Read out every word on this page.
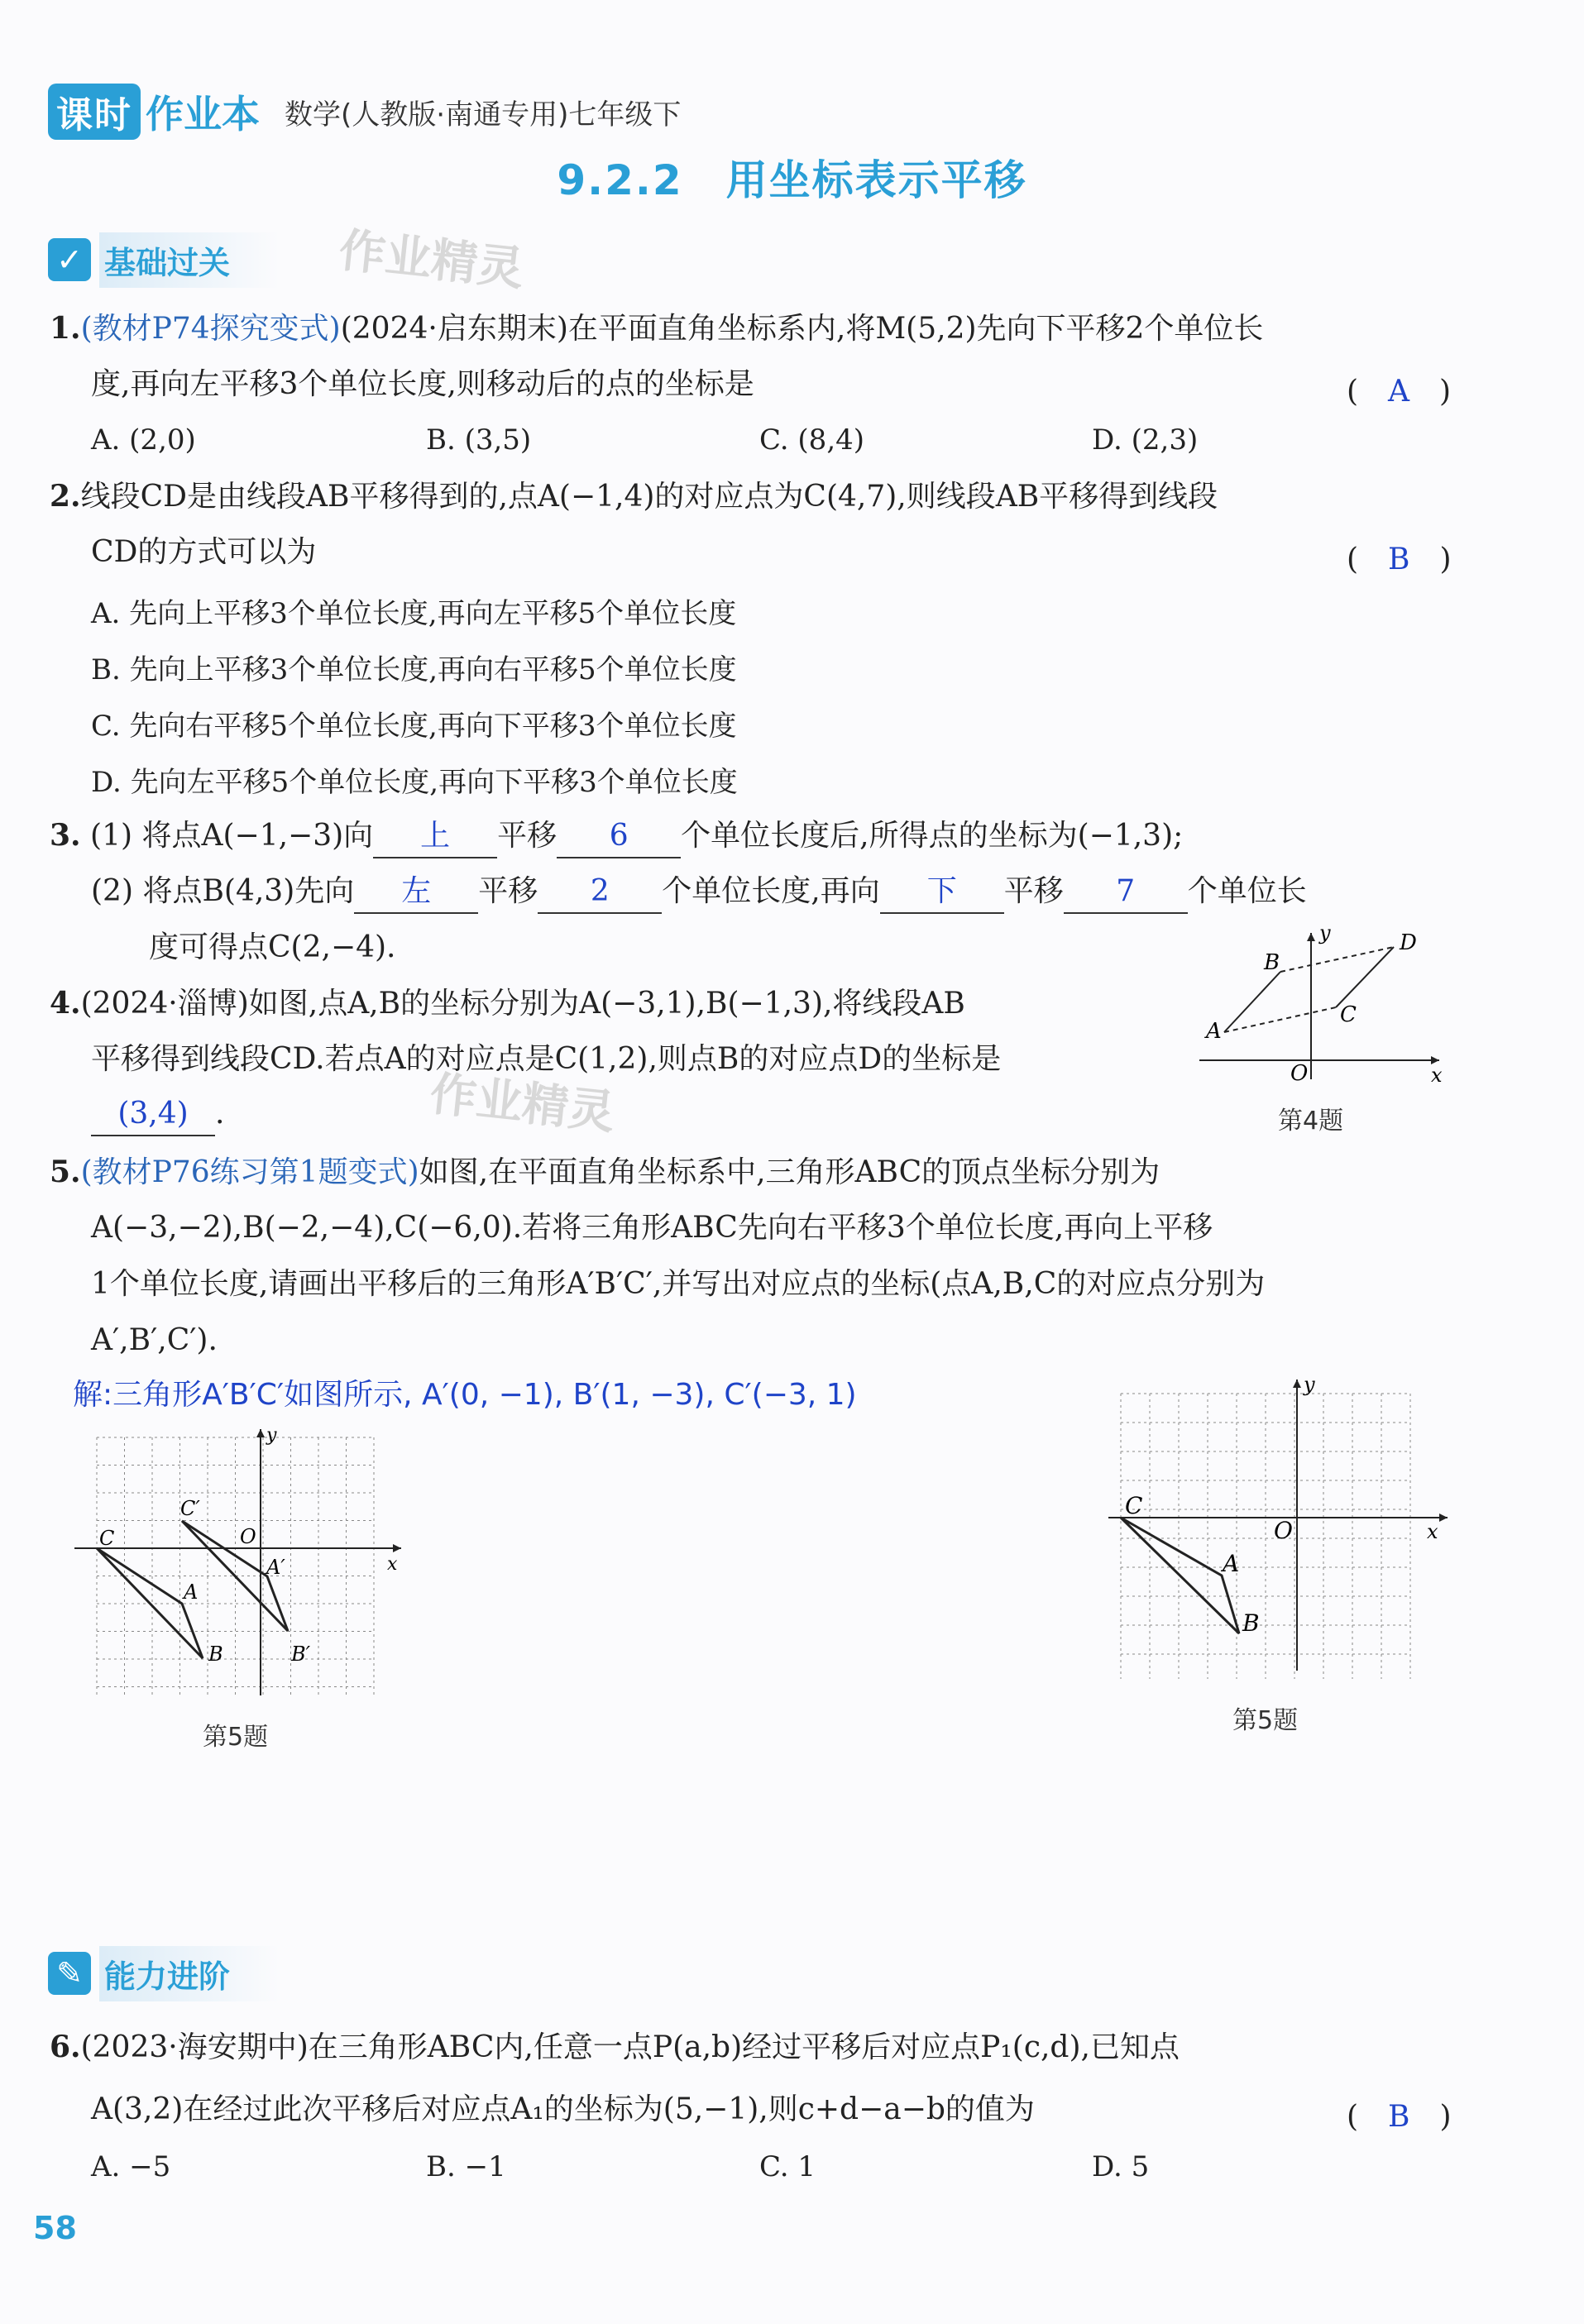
课时 作业本 数学(人教版·南通专用)七年级下
9.2.2　用坐标表示平移
✓ 基础过关	作业精灵
1.(教材P74探究变式)(2024·启东期末)在平面直角坐标系内,将M(5,2)先向下平移2个单位长
度,再向左平移3个单位长度,则移动后的点的坐标是	(　A　)
A. (2,0)	B. (3,5)	C. (8,4)	D. (2,3)
2.线段CD是由线段AB平移得到的,点A(−1,4)的对应点为C(4,7),则线段AB平移得到线段
CD的方式可以为	(　B　)
A. 先向上平移3个单位长度,再向左平移5个单位长度
B. 先向上平移3个单位长度,再向右平移5个单位长度
C. 先向右平移5个单位长度,再向下平移3个单位长度
D. 先向左平移5个单位长度,再向下平移3个单位长度
3. (1) 将点A(−1,−3)向 上 平移 6 个单位长度后,所得点的坐标为(−1,3);
(2) 将点B(4,3)先向 左 平移 2 个单位长度,再向 下 平移 7 个单位长
度可得点C(2,−4).
4.(2024·淄博)如图,点A,B的坐标分别为A(−3,1),B(−1,3),将线段AB
平移得到线段CD.若点A的对应点是C(1,2),则点B的对应点D的坐标是
(3,4) .	作业精灵
A
B
C
D
O	x
y
第4题
5.(教材P76练习第1题变式)如图,在平面直角坐标系中,三角形ABC的顶点坐标分别为
A(−3,−2),B(−2,−4),C(−6,0).若将三角形ABC先向右平移3个单位长度,再向上平移
1个单位长度,请画出平移后的三角形A′B′C′,并写出对应点的坐标(点A,B,C的对应点分别为
A′,B′,C′).
解:三角形A′B′C′如图所示, A′(0, −1), B′(1, −3), C′(−3, 1)
C
A
B
C′
A′
B′
O
x
y
第5题
C
A
B
O	x
y
第5题
✎ 能力进阶
6.(2023·海安期中)在三角形ABC内,任意一点P(a,b)经过平移后对应点P₁(c,d),已知点
A(3,2)在经过此次平移后对应点A₁的坐标为(5,−1),则c+d−a−b的值为	(　B　)
A. −5	B. −1	C. 1	D. 5
58
